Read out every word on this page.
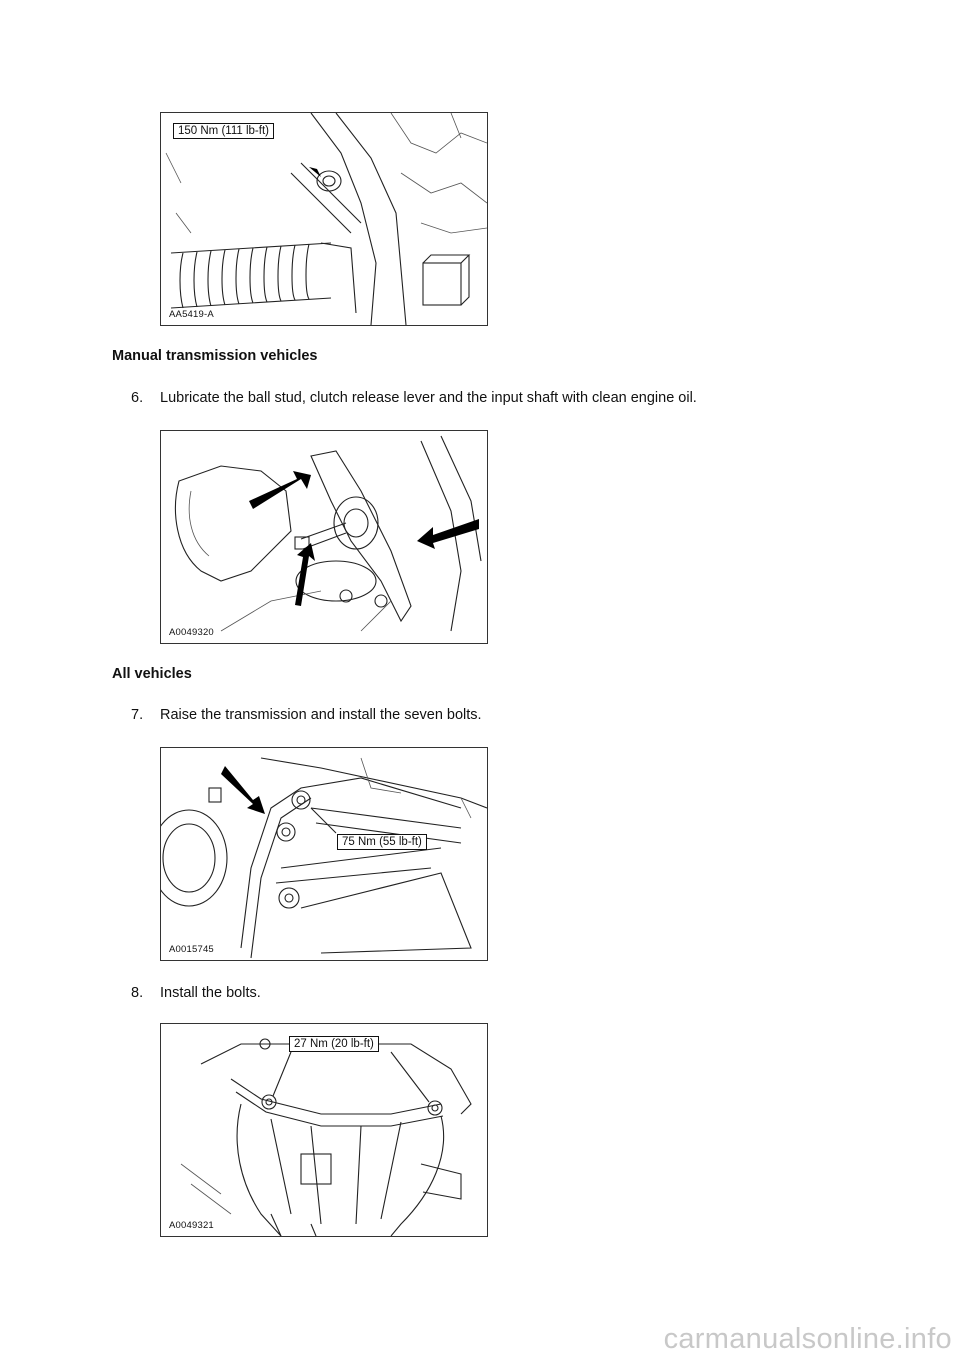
150 Nm (111 lb-ft)
AA5419-A
Manual transmission vehicles
6. Lubricate the ball stud, clutch release lever and the input shaft with clean engine oil.
A0049320
All vehicles
7. Raise the transmission and install the seven bolts.
75 Nm (55 lb-ft)
A0015745
8. Install the bolts.
27 Nm (20 lb-ft)
A0049321
carmanualsonline.info
